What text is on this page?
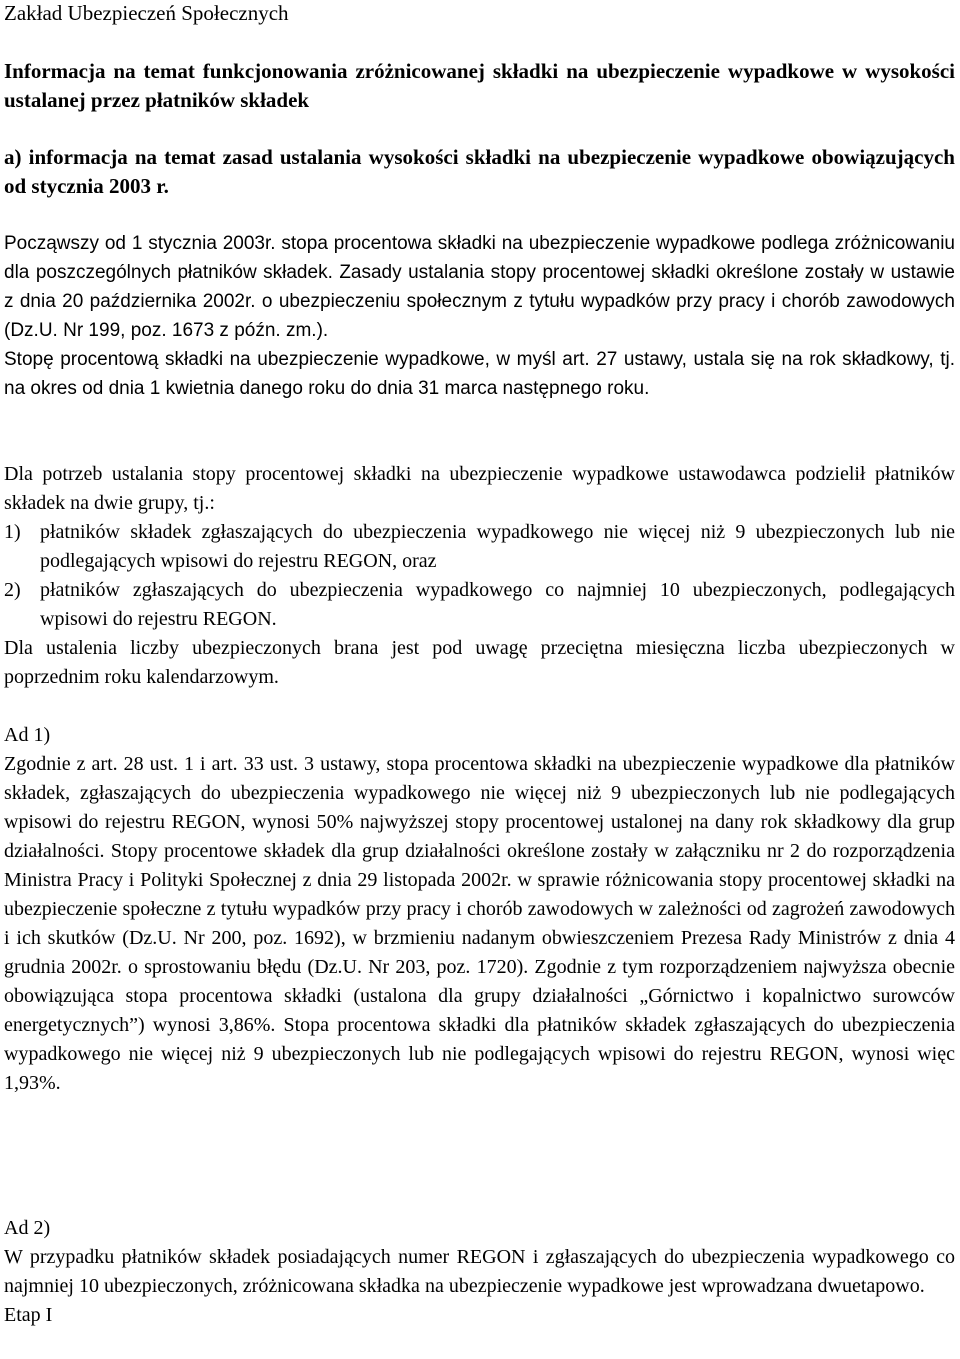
Zakład Ubezpieczeń Społecznych

Informacja na temat funkcjonowania zróżnicowanej składki na ubezpieczenie wypadkowe w wysokości ustalanej przez płatników składek

a) informacja na temat zasad ustalania wysokości składki na ubezpieczenie wypadkowe obowiązujących od stycznia 2003 r.

Począwszy od 1 stycznia 2003r. stopa procentowa składki na ubezpieczenie wypadkowe podlega zróżnicowaniu dla poszczególnych płatników składek. Zasady ustalania stopy procentowej składki określone zostały w ustawie z dnia 20 października 2002r. o ubezpieczeniu społecznym z tytułu wypadków przy pracy i chorób zawodowych (Dz.U. Nr 199, poz. 1673 z późn. zm.).

Stopę procentową składki na ubezpieczenie wypadkowe, w myśl art. 27 ustawy, ustala się na rok składkowy, tj. na okres od dnia 1 kwietnia danego roku do dnia 31 marca następnego roku.

Dla potrzeb ustalania stopy procentowej składki na ubezpieczenie wypadkowe ustawodawca podzielił płatników składek na dwie grupy, tj.:

1) płatników składek zgłaszających do ubezpieczenia wypadkowego nie więcej niż 9 ubezpieczonych lub nie podlegających wpisowi do rejestru REGON, oraz

2) płatników zgłaszających do ubezpieczenia wypadkowego co najmniej 10 ubezpieczonych, podlegających wpisowi do rejestru REGON.

Dla ustalenia liczby ubezpieczonych brana jest pod uwagę przeciętna miesięczna liczba ubezpieczonych w poprzednim roku kalendarzowym.

Ad 1)

Zgodnie z art. 28 ust. 1 i art. 33 ust. 3 ustawy, stopa procentowa składki na ubezpieczenie wypadkowe dla płatników składek, zgłaszających do ubezpieczenia wypadkowego nie więcej niż 9 ubezpieczonych lub nie podlegających wpisowi do rejestru REGON, wynosi 50% najwyższej stopy procentowej ustalonej na dany rok składkowy dla grup działalności. Stopy procentowe składek dla grup działalności określone zostały w załączniku nr 2 do rozporządzenia Ministra Pracy i Polityki Społecznej z dnia 29 listopada 2002r. w sprawie różnicowania stopy procentowej składki na ubezpieczenie społeczne z tytułu wypadków przy pracy i chorób zawodowych w zależności od zagrożeń zawodowych i ich skutków (Dz.U. Nr 200, poz. 1692), w brzmieniu nadanym obwieszczeniem Prezesa Rady Ministrów z dnia 4 grudnia 2002r. o sprostowaniu błędu (Dz.U. Nr 203, poz. 1720). Zgodnie z tym rozporządzeniem najwyższa obecnie obowiązująca stopa procentowa składki (ustalona dla grupy działalności „Górnictwo i kopalnictwo surowców energetycznych”) wynosi 3,86%. Stopa procentowa składki dla płatników składek zgłaszających do ubezpieczenia wypadkowego nie więcej niż 9 ubezpieczonych lub nie podlegających wpisowi do rejestru REGON, wynosi więc 1,93%.

Ad 2)

W przypadku płatników składek posiadających numer REGON i zgłaszających do ubezpieczenia wypadkowego co najmniej 10 ubezpieczonych, zróżnicowana składka na ubezpieczenie wypadkowe jest wprowadzana dwuetapowo.

Etap I
